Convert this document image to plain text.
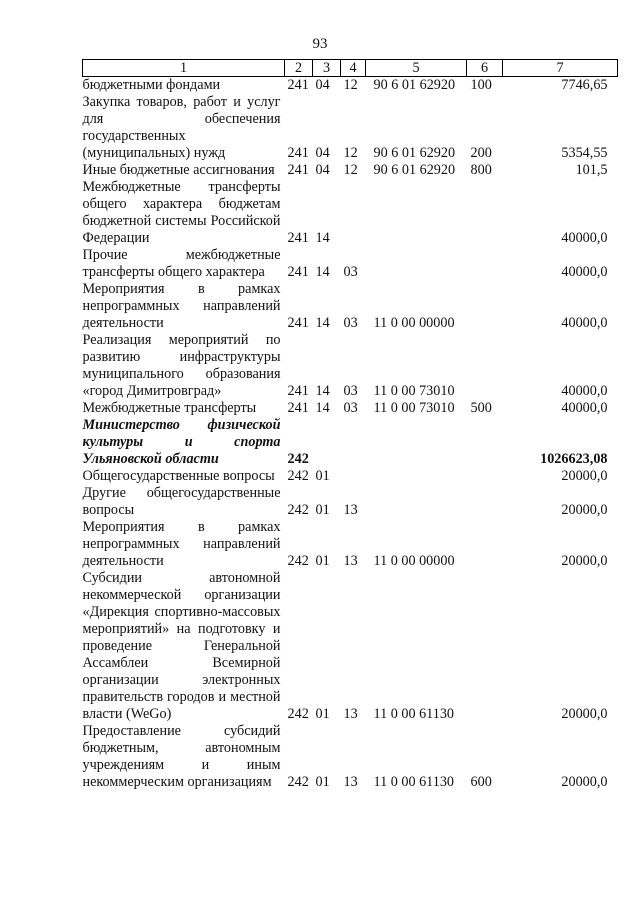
93
1	2	3	4	5	6	7
бюджетными фондами	241	04	12	90 6 01 62920	100	7746,65
Закупка товаров, работ и услуг для обеспечения государственных (муниципальных) нужд	241	04	12	90 6 01 62920	200	5354,55
Иные бюджетные ассигнования	241	04	12	90 6 01 62920	800	101,5
Межбюджетные трансферты общего характера бюджетам бюджетной системы Российской Федерации	241	14				40000,0
Прочие межбюджетные трансферты общего характера	241	14	03			40000,0
Мероприятия в рамках непрограммных направлений деятельности	241	14	03	11 0 00 00000		40000,0
Реализация мероприятий по развитию инфраструктуры муниципального образования «город Димитровград»	241	14	03	11 0 00 73010		40000,0
Межбюджетные трансферты	241	14	03	11 0 00 73010	500	40000,0
Министерство физической культуры и спорта Ульяновской области	242					1026623,08
Общегосударственные вопросы	242	01				20000,0
Другие общегосударственные вопросы	242	01	13			20000,0
Мероприятия в рамках непрограммных направлений деятельности	242	01	13	11 0 00 00000		20000,0
Субсидии автономной некоммерческой организации «Дирекция спортивно-массовых мероприятий» на подготовку и проведение Генеральной Ассамблеи Всемирной организации электронных правительств городов и местной власти (WeGo)	242	01	13	11 0 00 61130		20000,0
Предоставление субсидий бюджетным, автономным учреждениям и иным некоммерческим организациям	242	01	13	11 0 00 61130	600	20000,0
